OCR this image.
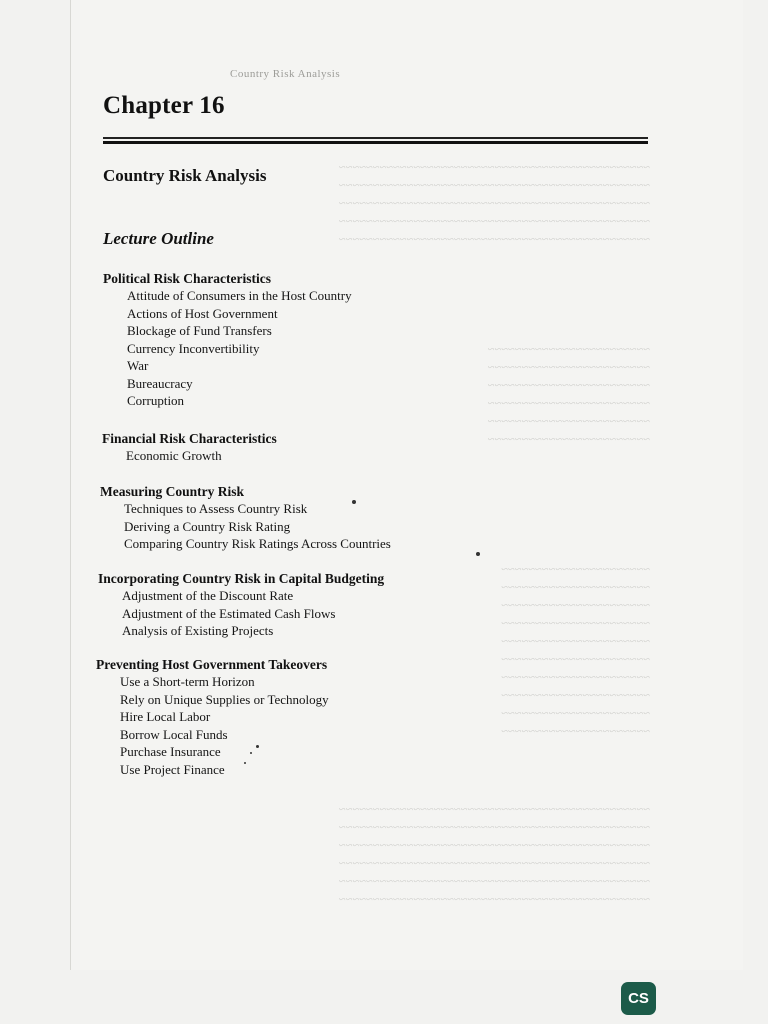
~~~~~~~~~~~~~~~~~~~~~~~~~~~~~~~~~~~~~~~~~~~~~~
~~~~~~~~~~~~~~~~~~~~~~~~~~~~~~~~~~~~~~~~~~~~~~
~~~~~~~~~~~~~~~~~~~~~~~~~~~~~~~~~~~~~~~~~~~~~~
~~~~~~~~~~~~~~~~~~~~~~~~~~~~~~~~~~~~~~~~~~~~~~
~~~~~~~~~~~~~~~~~~~~~~~~~~~~~~~~~~~~~~~~~~~~~~
~~~~~~~~~~~~~~~~~~~~~~~~
~~~~~~~~~~~~~~~~~~~~~~~~
~~~~~~~~~~~~~~~~~~~~~~~~
~~~~~~~~~~~~~~~~~~~~~~~~
~~~~~~~~~~~~~~~~~~~~~~~~
~~~~~~~~~~~~~~~~~~~~~~~~
~~~~~~~~~~~~~~~~~~~~~~
~~~~~~~~~~~~~~~~~~~~~~
~~~~~~~~~~~~~~~~~~~~~~
~~~~~~~~~~~~~~~~~~~~~~
~~~~~~~~~~~~~~~~~~~~~~
~~~~~~~~~~~~~~~~~~~~~~
~~~~~~~~~~~~~~~~~~~~~~
~~~~~~~~~~~~~~~~~~~~~~
~~~~~~~~~~~~~~~~~~~~~~
~~~~~~~~~~~~~~~~~~~~~~
~~~~~~~~~~~~~~~~~~~~~~~~~~~~~~~~~~~~~~~~~~~~~~
~~~~~~~~~~~~~~~~~~~~~~~~~~~~~~~~~~~~~~~~~~~~~~
~~~~~~~~~~~~~~~~~~~~~~~~~~~~~~~~~~~~~~~~~~~~~~
~~~~~~~~~~~~~~~~~~~~~~~~~~~~~~~~~~~~~~~~~~~~~~
~~~~~~~~~~~~~~~~~~~~~~~~~~~~~~~~~~~~~~~~~~~~~~
~~~~~~~~~~~~~~~~~~~~~~~~~~~~~~~~~~~~~~~~~~~~~~
Country Risk Analysis
Chapter 16
Country Risk Analysis
Lecture Outline
Political Risk Characteristics
Attitude of Consumers in the Host Country
Actions of Host Government
Blockage of Fund Transfers
Currency Inconvertibility
War
Bureaucracy
Corruption
Financial Risk Characteristics
Economic Growth
Measuring Country Risk
Techniques to Assess Country Risk
Deriving a Country Risk Rating
Comparing Country Risk Ratings Across Countries
Incorporating Country Risk in Capital Budgeting
Adjustment of the Discount Rate
Adjustment of the Estimated Cash Flows
Analysis of Existing Projects
Preventing Host Government Takeovers
Use a Short-term Horizon
Rely on Unique Supplies or Technology
Hire Local Labor
Borrow Local Funds
Purchase Insurance
Use Project Finance
CS
